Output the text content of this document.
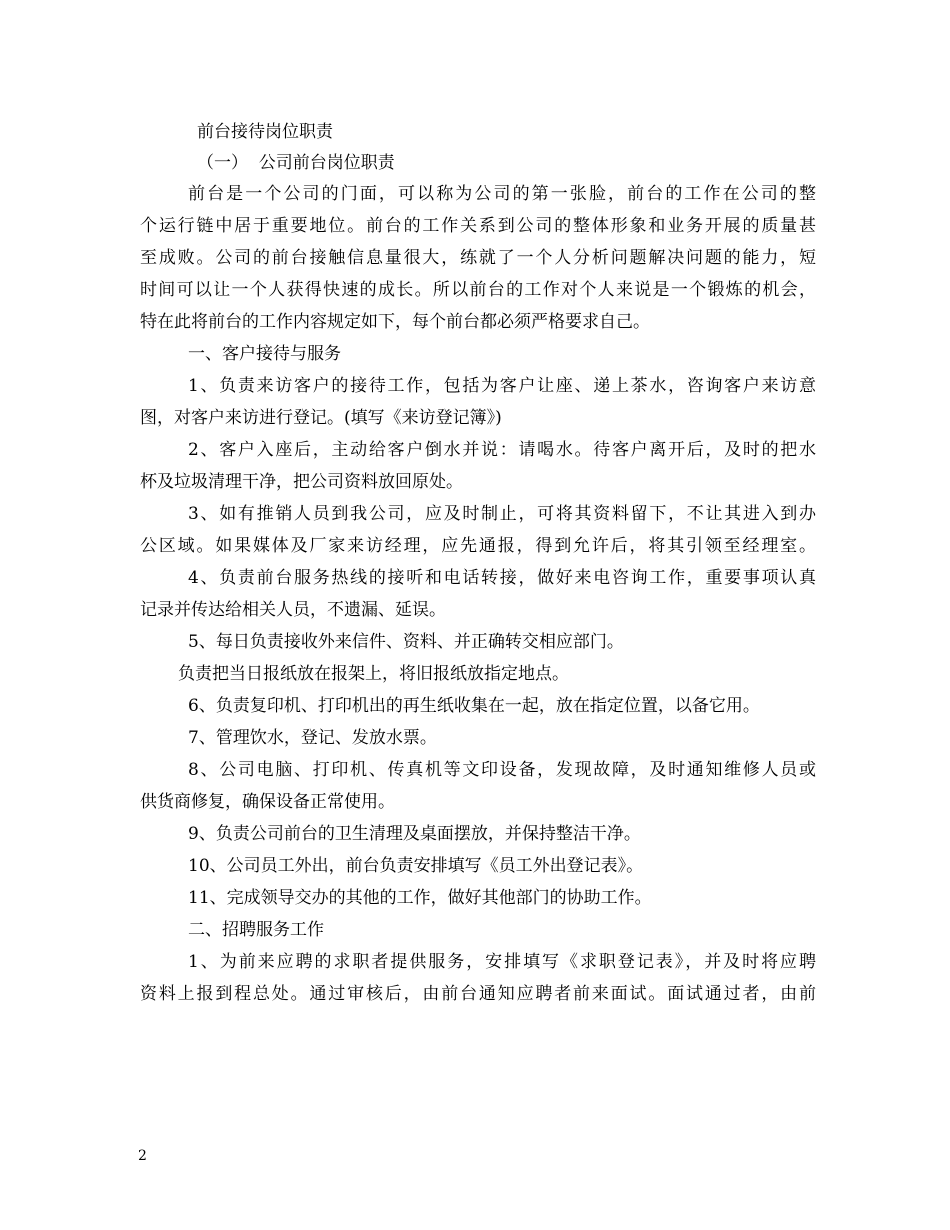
前台接待岗位职责
（一）  公司前台岗位职责
前台是一个公司的门面，可以称为公司的第一张脸，前台的工作在公司的整
个运行链中居于重要地位。前台的工作关系到公司的整体形象和业务开展的质量甚
至成败。公司的前台接触信息量很大，练就了一个人分析问题解决问题的能力，短
时间可以让一个人获得快速的成长。所以前台的工作对个人来说是一个锻炼的机会，
特在此将前台的工作内容规定如下，每个前台都必须严格要求自己。
一、客户接待与服务
1、负责来访客户的接待工作，包括为客户让座、递上茶水，咨询客户来访意
图，对客户来访进行登记。(填写《来访登记簿》)
2、客户入座后，主动给客户倒水并说：请喝水。待客户离开后，及时的把水
杯及垃圾清理干净，把公司资料放回原处。
3、如有推销人员到我公司，应及时制止，可将其资料留下，不让其进入到办
公区域。如果媒体及厂家来访经理，应先通报，得到允许后，将其引领至经理室。
4、负责前台服务热线的接听和电话转接，做好来电咨询工作，重要事项认真
记录并传达给相关人员，不遗漏、延误。
5、每日负责接收外来信件、资料、并正确转交相应部门。
负责把当日报纸放在报架上，将旧报纸放指定地点。
6、负责复印机、打印机出的再生纸收集在一起，放在指定位置，以备它用。
7、管理饮水，登记、发放水票。
8、公司电脑、打印机、传真机等文印设备，发现故障，及时通知维修人员或
供货商修复，确保设备正常使用。
9、负责公司前台的卫生清理及桌面摆放，并保持整洁干净。
10、公司员工外出，前台负责安排填写《员工外出登记表》。
11、完成领导交办的其他的工作，做好其他部门的协助工作。
二、招聘服务工作
1、为前来应聘的求职者提供服务，安排填写《求职登记表》，并及时将应聘
资料上报到程总处。通过审核后，由前台通知应聘者前来面试。面试通过者，由前
2
